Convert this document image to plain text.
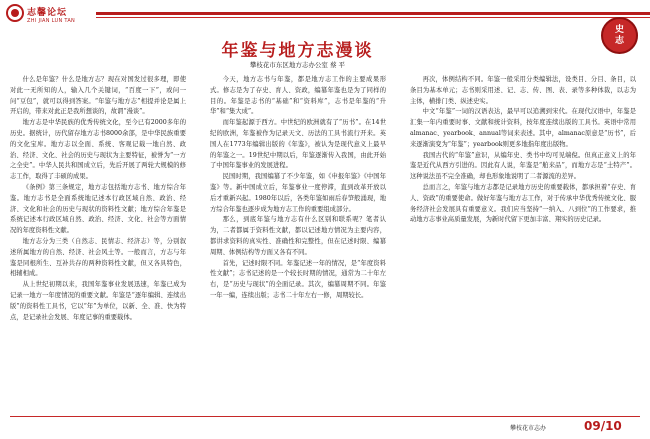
志馨论坛
ZHI JIAN LUN TAN
史
志
年鉴与地方志漫谈
攀枝花市东区地方志办公室 蔡 平

什么是年鉴？什么是地方志？现在对国发过很多理，即使对此一无所知的人，输入几个关键词，“百度一下”，或问一问“豆包”，就可以得到答案。“年鉴与地方志”相提并论是属上开启的，带来对此正是我所想谈的，故谓“漫谈”。

地方志是中华民族的优秀传统文化，至今已有2000多年的历史。据统计，历代留存地方志书8000余部，是中华民族重要的文化宝库。地方志以全面、系统、客观记载一地自然、政治、经济、文化、社会的历史与现状为主要特征，被誉为“一方之全史”。中华人民共和国成立后，先后开展了两轮大规模的修志工作，取得了丰硕的成果。

《条例》第三条规定，地方志包括地方志书、地方综合年鉴。地方志书是全面系统地记述本行政区域自然、政治、经济、文化和社会的历史与现状的资料性文献；地方综合年鉴是系统记述本行政区域自然、政治、经济、文化、社会等方面情况的年度资料性文献。

地方志分为三类（自然志、民情志、经济志）等，分别叙述所属地方的自然、经济、社会风土等。一般而言，方志与年鉴是同根所生、互补共存的两种资料性文献，但又各具特色，相辅相成。

从上世纪初期以来，我国年鉴事业发展迅速，年鉴已成为记录一地方一年度情况的重要文献。年鉴是“逐年编辑、连续出版”的资料性工具书，它以“年”为单位，以新、全、准、快为特点，是记录社会发展、年度记事的重要载体。

今天，地方志书与年鉴，都是地方志工作的主要成果形式。修志是为了存史、育人、资政，编纂年鉴也是为了同样的目的。年鉴是志书的“基础”和“资料库”，志书是年鉴的“升华”和“集大成”。

而年鉴起源于西方。中世纪的欧洲就有了“历书”。在14世纪的欧洲，年鉴被作为记录天文、历法的工具书流行开来。英国人在1773年编辑出版的《年鉴》，被认为是现代意义上最早的年鉴之一。19世纪中期以后，年鉴逐渐传入我国，由此开始了中国年鉴事业的发展进程。

民国时期，我国编纂了不少年鉴，如《申报年鉴》《中国年鉴》等。新中国成立后，年鉴事业一度停滞，直到改革开放以后才重新兴起。1980年以后，各类年鉴如雨后春笋般涌现，地方综合年鉴也逐步成为地方志工作的重要组成部分。

那么，到底年鉴与地方志有什么区别和联系呢？笔者认为，二者都属于资料性文献，都以记述地方情况为主要内容，都讲求资料的真实性、准确性和完整性，但在记述时限、编纂周期、体例结构等方面又各有不同。

首先，记述时限不同。年鉴记述一年的情况，是“年度资料性文献”；志书记述的是一个较长时期的情况，通常为二十年左右，是“历史与现状”的全面记录。其次，编纂周期不同。年鉴一年一编，连续出版；志书二十年左右一修，周期较长。

再次，体例结构不同。年鉴一般采用分类编辑法，设类目、分目、条目，以条目为基本单元；志书则采用述、记、志、传、图、表、录等多种体裁，以志为主体，横排门类、纵述史实。

中文“年鉴”一词的汉语表达，最早可以追溯到宋代。在现代汉语中，年鉴是汇集一年内重要时事、文献和统计资料，按年度连续出版的工具书。英语中常用almanac、yearbook、annual等词来表述。其中，almanac原意是“历书”，后来逐渐演变为“年鉴”；yearbook则更多地指年度出版物。

我国古代的“年鉴”意识，从编年史、类书中均可见端倪。但真正意义上的年鉴是近代从西方引进的。因此有人说，年鉴是“舶来品”，而地方志是“土特产”。这种说法虽不完全准确，却也形象地说明了二者源流的差异。

总而言之，年鉴与地方志都是记录地方历史的重要载体，都承担着“存史、育人、资政”的重要使命。做好年鉴与地方志工作，对于传承中华优秀传统文化、服务经济社会发展具有重要意义。我们应当坚持“一纳入、八到位”的工作要求，推动地方志事业高质量发展，为新时代留下更加丰富、翔实的历史记录。

攀枝花市志办	09/10
